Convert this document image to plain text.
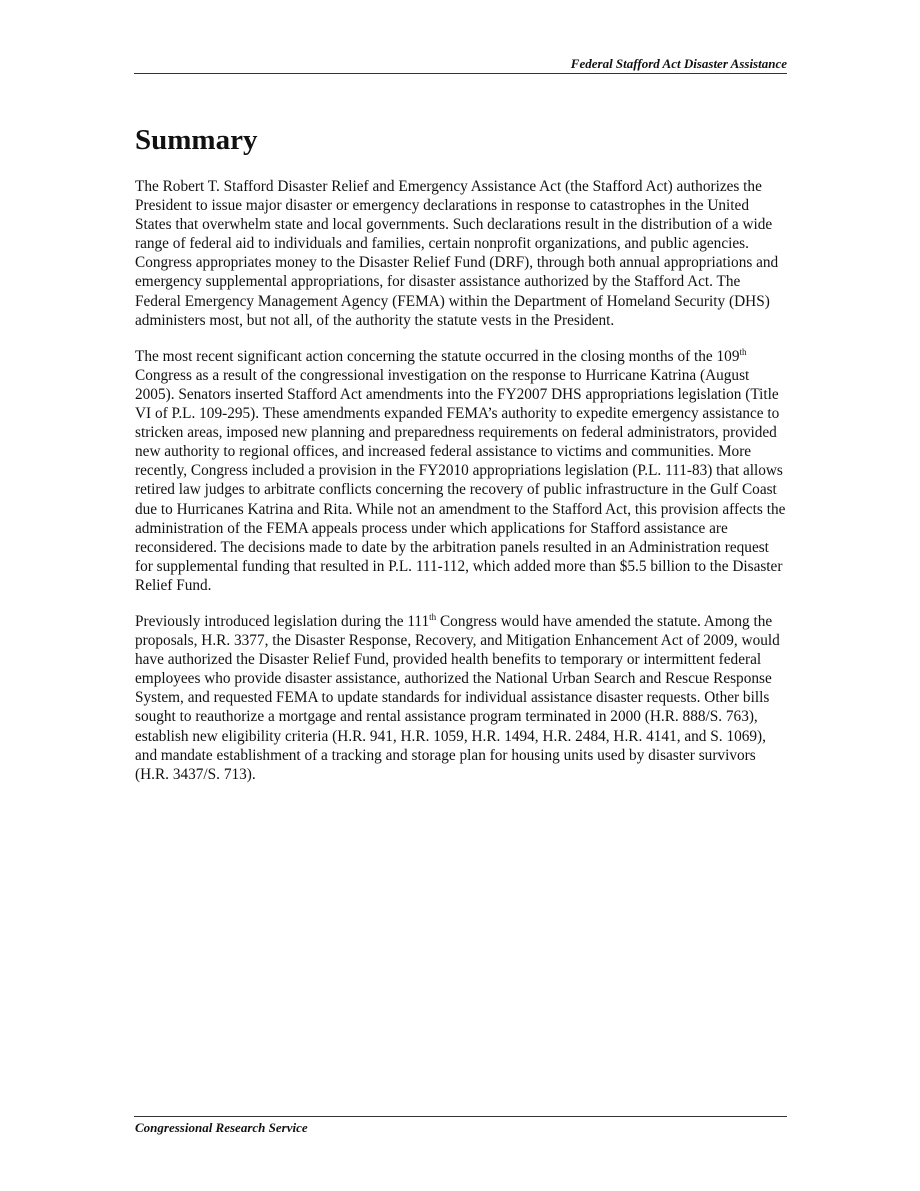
Federal Stafford Act Disaster Assistance
Summary

The Robert T. Stafford Disaster Relief and Emergency Assistance Act (the Stafford Act) authorizes the President to issue major disaster or emergency declarations in response to catastrophes in the United States that overwhelm state and local governments. Such declarations result in the distribution of a wide range of federal aid to individuals and families, certain nonprofit organizations, and public agencies. Congress appropriates money to the Disaster Relief Fund (DRF), through both annual appropriations and emergency supplemental appropriations, for disaster assistance authorized by the Stafford Act. The Federal Emergency Management Agency (FEMA) within the Department of Homeland Security (DHS) administers most, but not all, of the authority the statute vests in the President.

The most recent significant action concerning the statute occurred in the closing months of the 109th Congress as a result of the congressional investigation on the response to Hurricane Katrina (August 2005). Senators inserted Stafford Act amendments into the FY2007 DHS appropriations legislation (Title VI of P.L. 109-295). These amendments expanded FEMA’s authority to expedite emergency assistance to stricken areas, imposed new planning and preparedness requirements on federal administrators, provided new authority to regional offices, and increased federal assistance to victims and communities. More recently, Congress included a provision in the FY2010 appropriations legislation (P.L. 111-83) that allows retired law judges to arbitrate conflicts concerning the recovery of public infrastructure in the Gulf Coast due to Hurricanes Katrina and Rita. While not an amendment to the Stafford Act, this provision affects the administration of the FEMA appeals process under which applications for Stafford assistance are reconsidered. The decisions made to date by the arbitration panels resulted in an Administration request for supplemental funding that resulted in P.L. 111-112, which added more than $5.5 billion to the Disaster Relief Fund.

Previously introduced legislation during the 111th Congress would have amended the statute. Among the proposals, H.R. 3377, the Disaster Response, Recovery, and Mitigation Enhancement Act of 2009, would have authorized the Disaster Relief Fund, provided health benefits to temporary or intermittent federal employees who provide disaster assistance, authorized the National Urban Search and Rescue Response System, and requested FEMA to update standards for individual assistance disaster requests. Other bills sought to reauthorize a mortgage and rental assistance program terminated in 2000 (H.R. 888/S. 763), establish new eligibility criteria (H.R. 941, H.R. 1059, H.R. 1494, H.R. 2484, H.R. 4141, and S. 1069), and mandate establishment of a tracking and storage plan for housing units used by disaster survivors (H.R. 3437/S. 713).

Congressional Research Service
